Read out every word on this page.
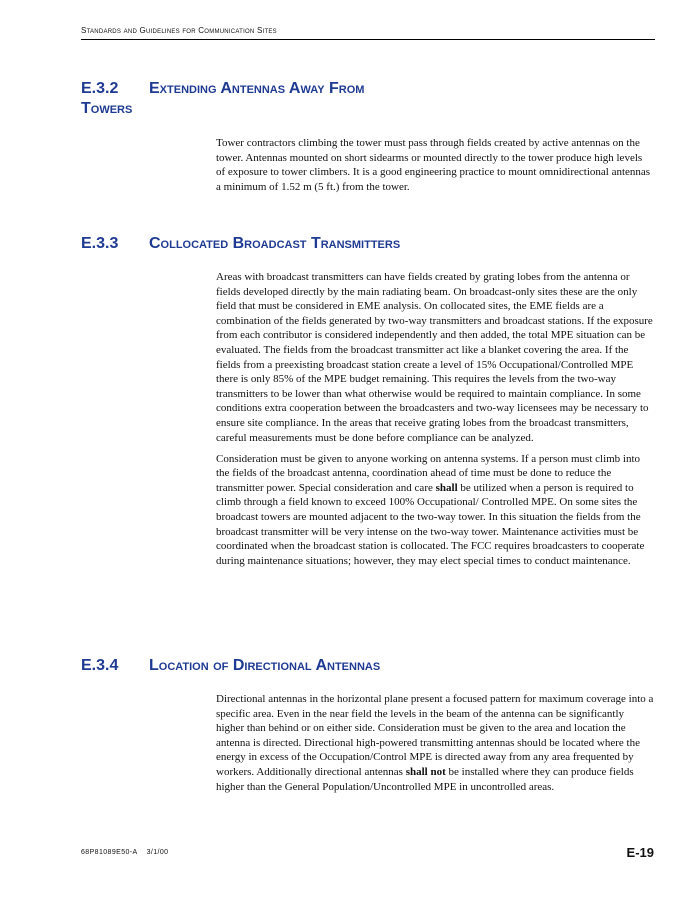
Standards and Guidelines for Communication Sites
E.3.2 Extending Antennas Away From
Towers

Tower contractors climbing the tower must pass through fields created by active antennas on the tower. Antennas mounted on short sidearms or mounted directly to the tower produce high levels of exposure to tower climbers. It is a good engineering practice to mount omnidirectional antennas a minimum of 1.52 m (5 ft.) from the tower.

E.3.3 Collocated Broadcast Transmitters

Areas with broadcast transmitters can have fields created by grating lobes from the antenna or fields developed directly by the main radiating beam. On broadcast-only sites these are the only field that must be considered in EME analysis. On collocated sites, the EME fields are a combination of the fields generated by two-way transmitters and broadcast stations. If the exposure from each contributor is considered independently and then added, the total MPE situation can be evaluated. The fields from the broadcast transmitter act like a blanket covering the area. If the fields from a preexisting broadcast station create a level of 15% Occupational/Controlled MPE there is only 85% of the MPE budget remaining. This requires the levels from the two-way transmitters to be lower than what otherwise would be required to maintain compliance. In some conditions extra cooperation between the broadcasters and two-way licensees may be necessary to ensure site compliance. In the areas that receive grating lobes from the broadcast transmitters, careful measurements must be done before compliance can be analyzed.

Consideration must be given to anyone working on antenna systems. If a person must climb into the fields of the broadcast antenna, coordination ahead of time must be done to reduce the transmitter power. Special consideration and care shall be utilized when a person is required to climb through a field known to exceed 100% Occupational/ Controlled MPE. On some sites the broadcast towers are mounted adjacent to the two-way tower. In this situation the fields from the broadcast transmitter will be very intense on the two-way tower. Maintenance activities must be coordinated when the broadcast station is collocated. The FCC requires broadcasters to cooperate during maintenance situations; however, they may elect special times to conduct maintenance.

E.3.4 Location of Directional Antennas

Directional antennas in the horizontal plane present a focused pattern for maximum coverage into a specific area. Even in the near field the levels in the beam of the antenna can be significantly higher than behind or on either side. Consideration must be given to the area and location the antenna is directed. Directional high-powered transmitting antennas should be located where the energy in excess of the Occupation/Control MPE is directed away from any area frequented by workers. Additionally directional antennas shall not be installed where they can produce fields higher than the General Population/Uncontrolled MPE in uncontrolled areas.

68P81089E50-A 3/1/00	E-19
